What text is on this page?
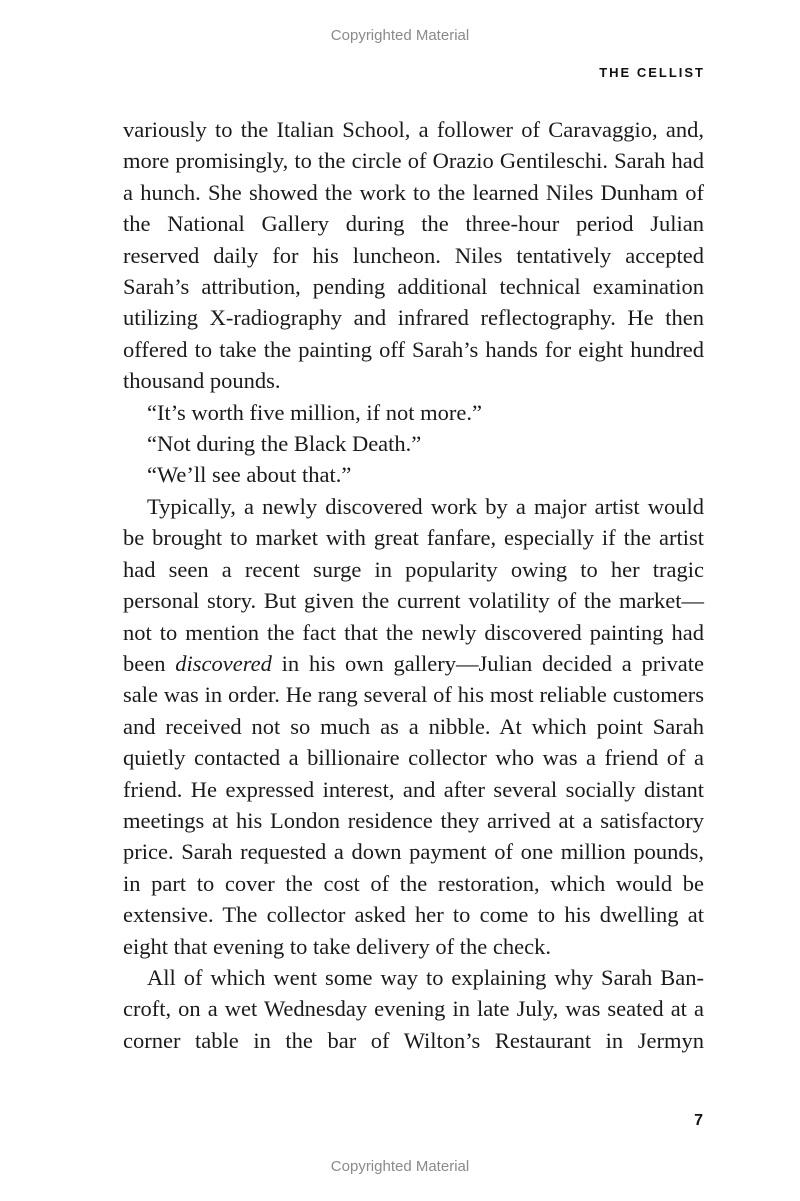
Copyrighted Material
THE CELLIST

variously to the Italian School, a follower of Caravaggio, and, more promisingly, to the circle of Orazio Gentileschi. Sarah had a hunch. She showed the work to the learned Niles Dunham of the National Gallery during the three-hour period Julian reserved daily for his luncheon. Niles tentatively accepted Sarah’s attribution, pending additional technical examination utilizing X-radiography and infrared reflectography. He then offered to take the painting off Sarah’s hands for eight hundred thousand pounds.

“It’s worth five million, if not more.”

“Not during the Black Death.”

“We’ll see about that.”

Typically, a newly discovered work by a major artist would be brought to market with great fanfare, especially if the artist had seen a recent surge in popularity owing to her tragic personal story. But given the current volatility of the market—not to mention the fact that the newly discovered painting had been discovered in his own gallery—Julian decided a private sale was in order. He rang several of his most reliable customers and received not so much as a nibble. At which point Sarah quietly contacted a billionaire collector who was a friend of a friend. He expressed interest, and after several socially distant meetings at his London residence they arrived at a satisfactory price. Sarah requested a down payment of one million pounds, in part to cover the cost of the restoration, which would be extensive. The collector asked her to come to his dwelling at eight that evening to take delivery of the check.

All of which went some way to explaining why Sarah Bancroft, on a wet Wednesday evening in late July, was seated at a corner table in the bar of Wilton’s Restaurant in Jermyn

7
Copyrighted Material
